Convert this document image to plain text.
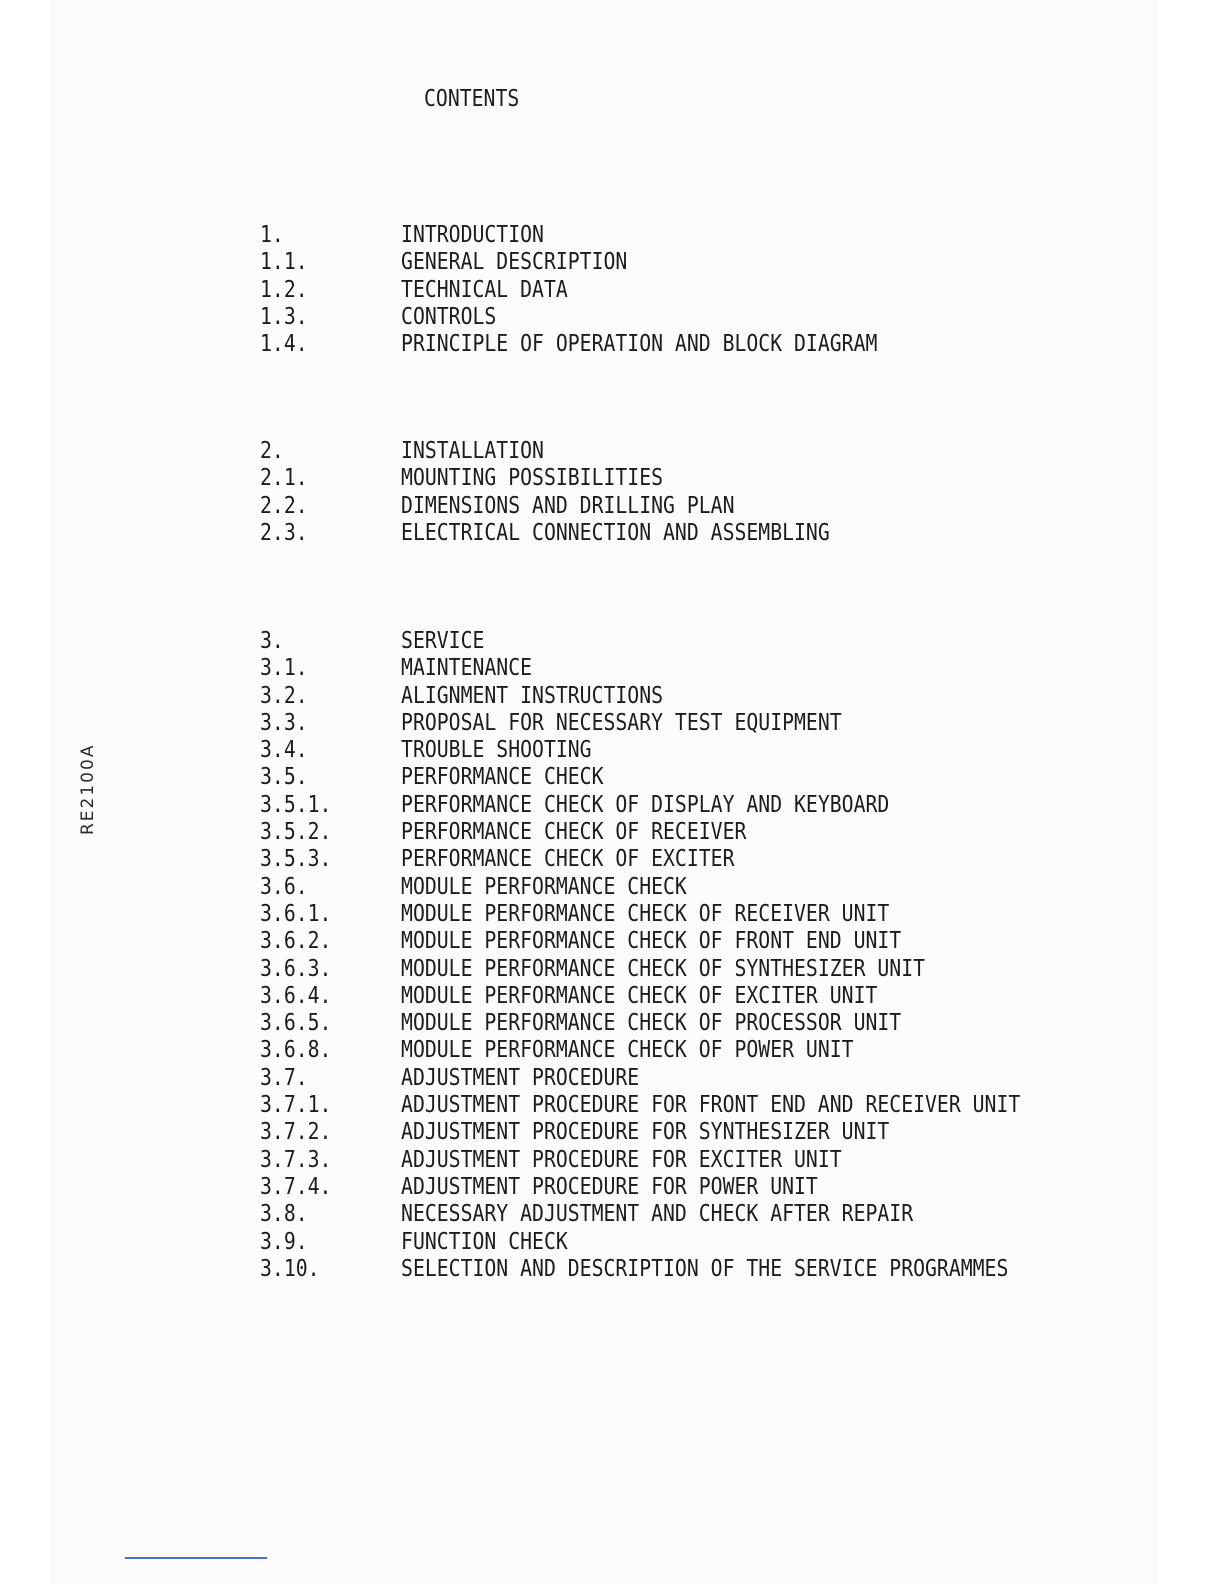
CONTENTS
1.	INTRODUCTION
1.1.	GENERAL DESCRIPTION
1.2.	TECHNICAL DATA
1.3.	CONTROLS
1.4.	PRINCIPLE OF OPERATION AND BLOCK DIAGRAM
2.	INSTALLATION
2.1.	MOUNTING POSSIBILITIES
2.2.	DIMENSIONS AND DRILLING PLAN
2.3.	ELECTRICAL CONNECTION AND ASSEMBLING
3.	SERVICE
3.1.	MAINTENANCE
3.2.	ALIGNMENT INSTRUCTIONS
3.3.	PROPOSAL FOR NECESSARY TEST EQUIPMENT
3.4.	TROUBLE SHOOTING
3.5.	PERFORMANCE CHECK
3.5.1.	PERFORMANCE CHECK OF DISPLAY AND KEYBOARD
3.5.2.	PERFORMANCE CHECK OF RECEIVER
3.5.3.	PERFORMANCE CHECK OF EXCITER
3.6.	MODULE PERFORMANCE CHECK
3.6.1.	MODULE PERFORMANCE CHECK OF RECEIVER UNIT
3.6.2.	MODULE PERFORMANCE CHECK OF FRONT END UNIT
3.6.3.	MODULE PERFORMANCE CHECK OF SYNTHESIZER UNIT
3.6.4.	MODULE PERFORMANCE CHECK OF EXCITER UNIT
3.6.5.	MODULE PERFORMANCE CHECK OF PROCESSOR UNIT
3.6.8.	MODULE PERFORMANCE CHECK OF POWER UNIT
3.7.	ADJUSTMENT PROCEDURE
3.7.1.	ADJUSTMENT PROCEDURE FOR FRONT END AND RECEIVER UNIT
3.7.2.	ADJUSTMENT PROCEDURE FOR SYNTHESIZER UNIT
3.7.3.	ADJUSTMENT PROCEDURE FOR EXCITER UNIT
3.7.4.	ADJUSTMENT PROCEDURE FOR POWER UNIT
3.8.	NECESSARY ADJUSTMENT AND CHECK AFTER REPAIR
3.9.	FUNCTION CHECK
3.10.	SELECTION AND DESCRIPTION OF THE SERVICE PROGRAMMES
RE2100A
